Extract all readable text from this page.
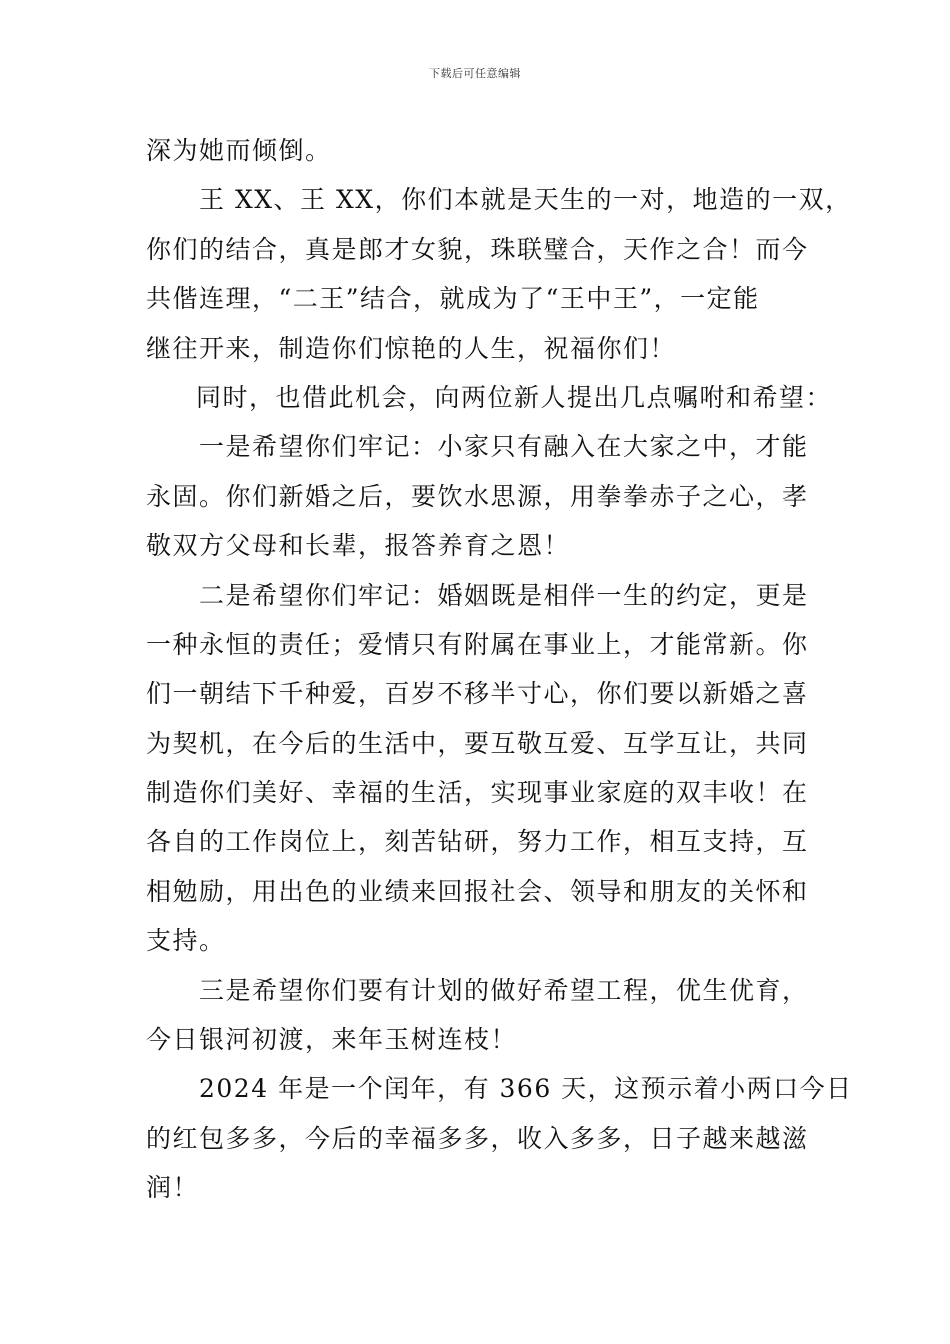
下载后可任意编辑
深为她而倾倒。
王 XX、王 XX，你们本就是天生的一对，地造的一双，
你们的结合，真是郎才女貌，珠联璧合，天作之合！而今
共偕连理，“二王”结合，就成为了“王中王”，一定能
继往开来，制造你们惊艳的人生，祝福你们！
同时，也借此机会，向两位新人提出几点嘱咐和希望：
一是希望你们牢记：小家只有融入在大家之中，才能
永固。你们新婚之后，要饮水思源，用拳拳赤子之心，孝
敬双方父母和长辈，报答养育之恩！
二是希望你们牢记：婚姻既是相伴一生的约定，更是
一种永恒的责任；爱情只有附属在事业上，才能常新。你
们一朝结下千种爱，百岁不移半寸心，你们要以新婚之喜
为契机，在今后的生活中，要互敬互爱、互学互让，共同
制造你们美好、幸福的生活，实现事业家庭的双丰收！在
各自的工作岗位上，刻苦钻研，努力工作，相互支持，互
相勉励，用出色的业绩来回报社会、领导和朋友的关怀和
支持。
三是希望你们要有计划的做好希望工程，优生优育，
今日银河初渡，来年玉树连枝！
2024 年是一个闰年，有 366 天，这预示着小两口今日
的红包多多，今后的幸福多多，收入多多，日子越来越滋
润！
